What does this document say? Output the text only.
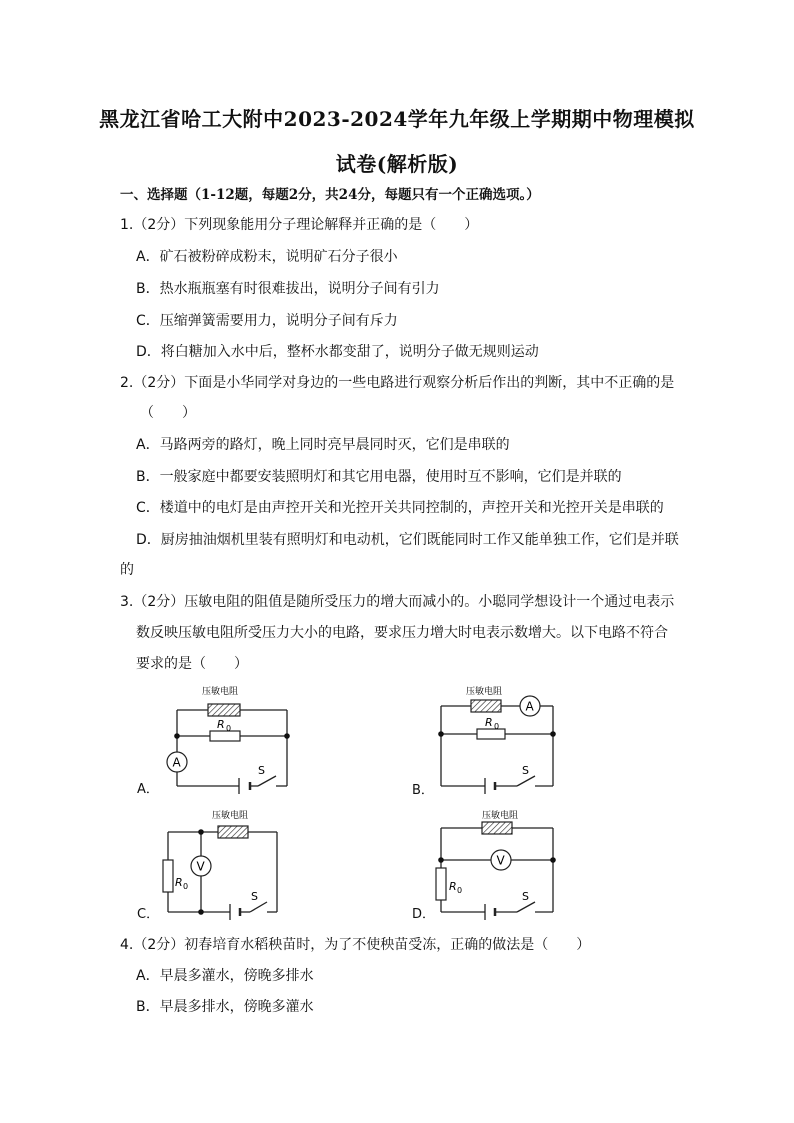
黑龙江省哈工大附中2023-2024学年九年级上学期期中物理模拟
试卷(解析版)
一、选择题（1-12题，每题2分，共24分，每题只有一个正确选项。）
1.（2分）下列现象能用分子理论解释并正确的是（　　）
A．矿石被粉碎成粉末，说明矿石分子很小
B．热水瓶瓶塞有时很难拔出，说明分子间有引力
C．压缩弹簧需要用力，说明分子间有斥力
D．将白糖加入水中后，整杯水都变甜了，说明分子做无规则运动
2.（2分）下面是小华同学对身边的一些电路进行观察分析后作出的判断，其中不正确的是
（　　）
A．马路两旁的路灯，晚上同时亮早晨同时灭，它们是串联的
B．一般家庭中都要安装照明灯和其它用电器，使用时互不影响，它们是并联的
C．楼道中的电灯是由声控开关和光控开关共同控制的，声控开关和光控开关是串联的
D．厨房抽油烟机里装有照明灯和电动机，它们既能同时工作又能单独工作，它们是并联
的
3.（2分）压敏电阻的阻值是随所受压力的增大而减小的。小聪同学想设计一个通过电表示
数反映压敏电阻所受压力大小的电路，要求压力增大时电表示数增大。以下电路不符合
要求的是（　　）
A．
压敏电阻
R 0
A
S
B．
压敏电阻
A
R 0
S
C．
压敏电阻
R 0
V
S
D．
压敏电阻
V
R 0	S
4.（2分）初春培育水稻秧苗时，为了不使秧苗受冻，正确的做法是（　　）
A．早晨多灌水，傍晚多排水
B．早晨多排水，傍晚多灌水
